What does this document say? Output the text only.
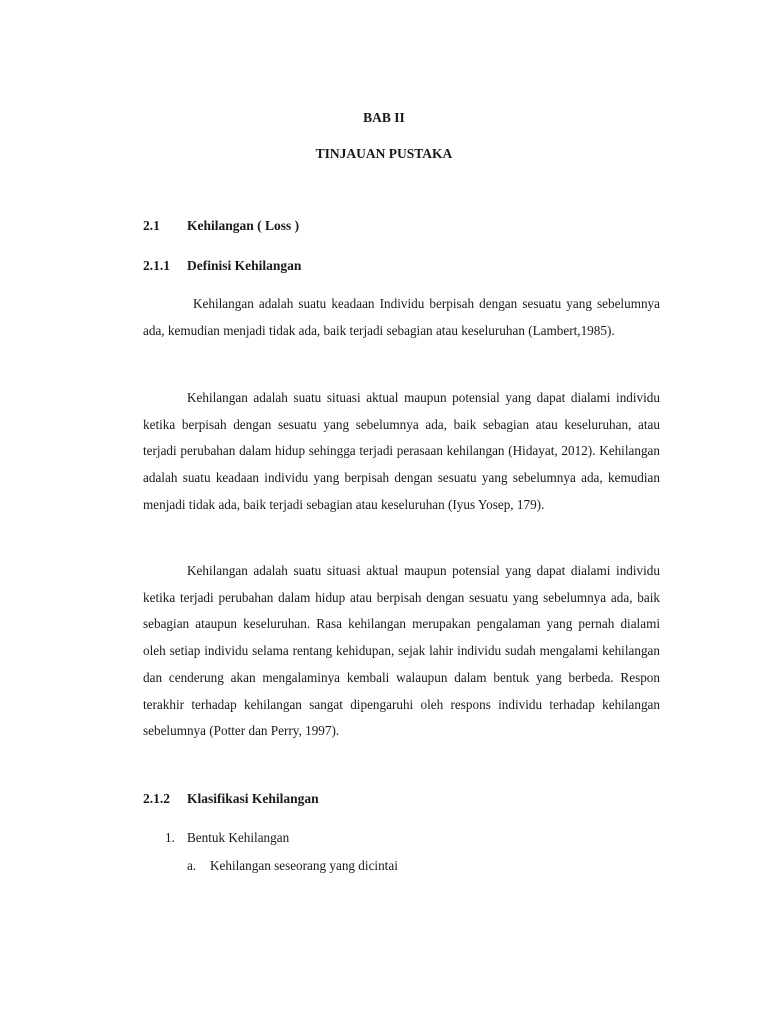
BAB II
TINJAUAN PUSTAKA
2.1 Kehilangan ( Loss )
2.1.1 Definisi Kehilangan

Kehilangan adalah suatu keadaan Individu berpisah dengan sesuatu yang sebelumnya ada, kemudian menjadi tidak ada, baik terjadi sebagian atau keseluruhan (Lambert,1985).

Kehilangan adalah suatu situasi aktual maupun potensial yang dapat dialami individu ketika berpisah dengan sesuatu yang sebelumnya ada, baik sebagian atau keseluruhan, atau terjadi perubahan dalam hidup sehingga terjadi perasaan kehilangan (Hidayat, 2012). Kehilangan adalah suatu keadaan individu yang berpisah dengan sesuatu yang sebelumnya ada, kemudian menjadi tidak ada, baik terjadi sebagian atau keseluruhan (Iyus Yosep, 179).

Kehilangan adalah suatu situasi aktual maupun potensial yang dapat dialami individu ketika terjadi perubahan dalam hidup atau berpisah dengan sesuatu yang sebelumnya ada, baik sebagian ataupun keseluruhan. Rasa kehilangan merupakan pengalaman yang pernah dialami oleh setiap individu selama rentang kehidupan, sejak lahir individu sudah mengalami kehilangan dan cenderung akan mengalaminya kembali walaupun dalam bentuk yang berbeda. Respon terakhir terhadap kehilangan sangat dipengaruhi oleh respons individu terhadap kehilangan sebelumnya (Potter dan Perry, 1997).

2.1.2 Klasifikasi Kehilangan
1. Bentuk Kehilangan
a. Kehilangan seseorang yang dicintai
